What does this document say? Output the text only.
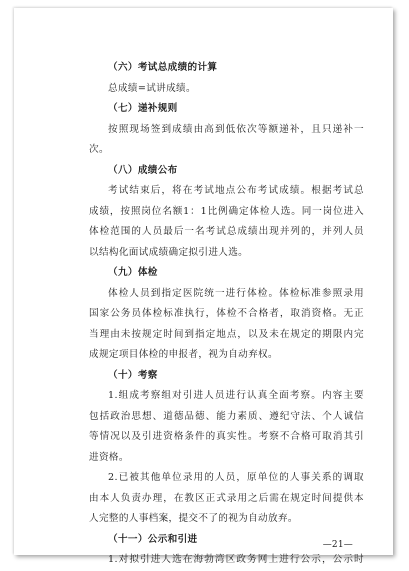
（六）考试总成绩的计算
总成绩=试讲成绩。
（七）递补规则
按照现场签到成绩由高到低依次等额递补，且只递补一
次。
（八）成绩公布
考试结束后，将在考试地点公布考试成绩。根据考试总
成绩，按照岗位名额1：1比例确定体检人选。同一岗位进入
体检范围的人员最后一名考试总成绩出现并列的，并列人员
以结构化面试成绩确定拟引进人选。
（九）体检
体检人员到指定医院统一进行体检。体检标准参照录用
国家公务员体检标准执行，体检不合格者，取消资格。无正
当理由未按规定时间到指定地点，以及未在规定的期限内完
成规定项目体检的申报者，视为自动弃权。
（十）考察
1.组成考察组对引进人员进行认真全面考察。内容主要
包括政治思想、道德品德、能力素质、遵纪守法、个人诚信
等情况以及引进资格条件的真实性。考察不合格可取消其引
进资格。
2.已被其他单位录用的人员，原单位的人事关系的调取
由本人负责办理，在教区正式录用之后需在规定时间提供本
人完整的人事档案，提交不了的视为自动放弃。
（十一）公示和引进
1.对拟引进人选在海勃湾区政务网上进行公示，公示时
—21—
